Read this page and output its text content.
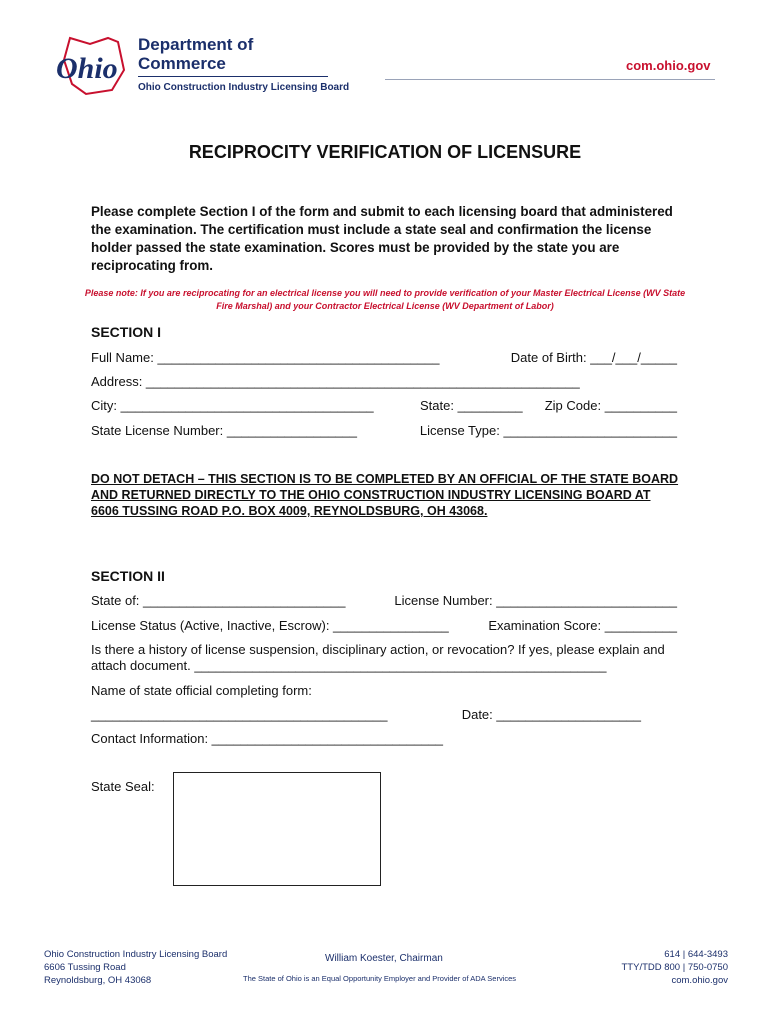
Ohio
Department of
Commerce
Ohio Construction Industry Licensing Board
com.ohio.gov
RECIPROCITY VERIFICATION OF LICENSURE
Please complete Section I of the form and submit to each licensing board that administered the examination. The certification must include a state seal and confirmation the license holder passed the state examination. Scores must be provided by the state you are reciprocating from.
Please note: If you are reciprocating for an electrical license you will need to provide verification of your Master Electrical License (WV State Fire Marshal) and your Contractor Electrical License (WV Department of Labor)
SECTION I
Full Name: _______________________________________	Date of Birth: ___/___/_____
Address: ____________________________________________________________
City: ___________________________________	State: _________ Zip Code: __________
State License Number: __________________	License Type: ________________________
DO NOT DETACH – THIS SECTION IS TO BE COMPLETED BY AN OFFICIAL OF THE STATE BOARD AND RETURNED DIRECTLY TO THE OHIO CONSTRUCTION INDUSTRY LICENSING BOARD AT 6606 TUSSING ROAD P.O. BOX 4009, REYNOLDSBURG, OH 43068.
SECTION II
State of: ____________________________	License Number: _________________________
License Status (Active, Inactive, Escrow): ________________	Examination Score: __________
Is there a history of license suspension, disciplinary action, or revocation? If yes, please explain and attach document. _________________________________________________________
Name of state official completing form:
_________________________________________	Date: ____________________
Contact Information: ________________________________
State Seal:
Ohio Construction Industry Licensing Board
6606 Tussing Road
Reynoldsburg, OH 43068
William Koester, Chairman
The State of Ohio is an Equal Opportunity Employer and Provider of ADA Services
614 | 644-3493
TTY/TDD 800 | 750-0750
com.ohio.gov
